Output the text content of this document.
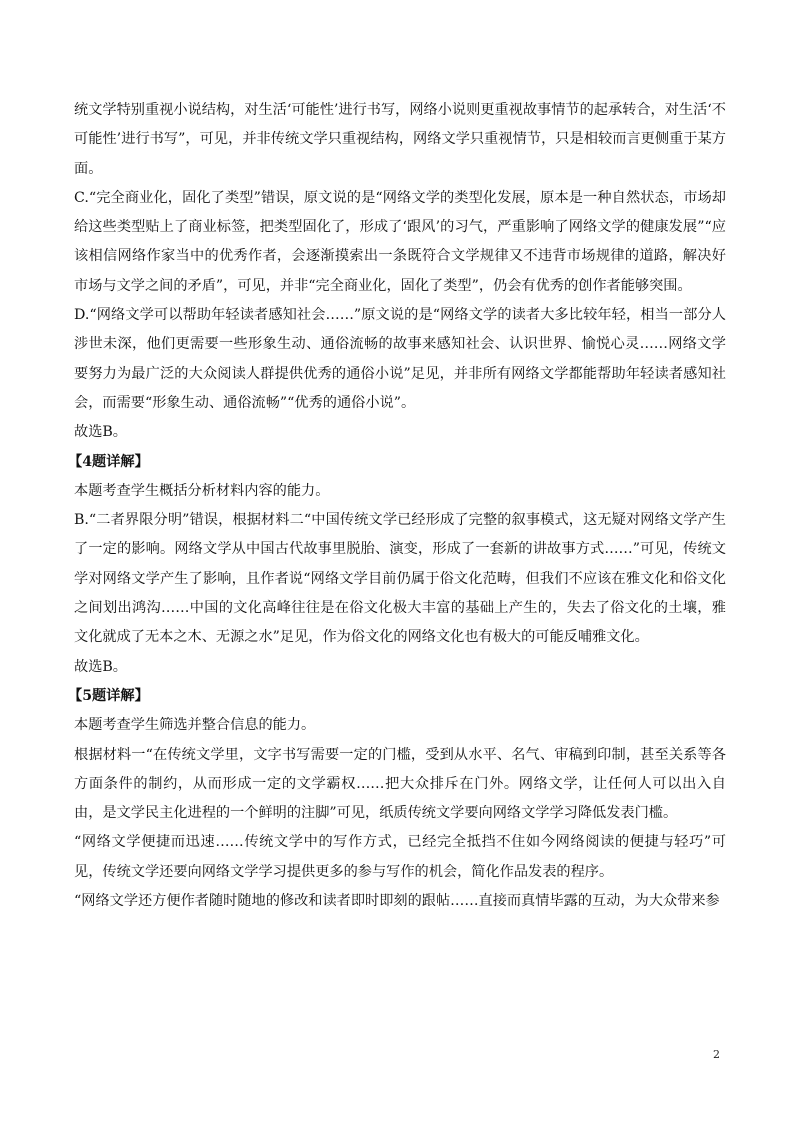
统文学特别重视小说结构，对生活‘可能性’进行书写，网络小说则更重视故事情节的起承转合，对生活‘不可能性’进行书写”，可见，并非传统文学只重视结构，网络文学只重视情节，只是相较而言更侧重于某方面。

C.“完全商业化，固化了类型”错误，原文说的是“网络文学的类型化发展，原本是一种自然状态，市场却给这些类型贴上了商业标签，把类型固化了，形成了‘跟风’的习气，严重影响了网络文学的健康发展”“应该相信网络作家当中的优秀作者，会逐渐摸索出一条既符合文学规律又不违背市场规律的道路，解决好市场与文学之间的矛盾”，可见，并非“完全商业化，固化了类型”，仍会有优秀的创作者能够突围。

D.“网络文学可以帮助年轻读者感知社会……”原文说的是“网络文学的读者大多比较年轻，相当一部分人涉世未深，他们更需要一些形象生动、通俗流畅的故事来感知社会、认识世界、愉悦心灵……网络文学要努力为最广泛的大众阅读人群提供优秀的通俗小说”足见，并非所有网络文学都能帮助年轻读者感知社会，而需要“形象生动、通俗流畅”“优秀的通俗小说”。

故选B。

【4题详解】

本题考查学生概括分析材料内容的能力。

B.“二者界限分明”错误，根据材料二“中国传统文学已经形成了完整的叙事模式，这无疑对网络文学产生了一定的影响。网络文学从中国古代故事里脱胎、演变，形成了一套新的讲故事方式……”可见，传统文学对网络文学产生了影响，且作者说“网络文学目前仍属于俗文化范畴，但我们不应该在雅文化和俗文化之间划出鸿沟……中国的文化高峰往往是在俗文化极大丰富的基础上产生的，失去了俗文化的土壤，雅文化就成了无本之木、无源之水”足见，作为俗文化的网络文化也有极大的可能反哺雅文化。

故选B。

【5题详解】

本题考查学生筛选并整合信息的能力。

根据材料一“在传统文学里，文字书写需要一定的门槛，受到从水平、名气、审稿到印制，甚至关系等各方面条件的制约，从而形成一定的文学霸权……把大众排斥在门外。网络文学，让任何人可以出入自由，是文学民主化进程的一个鲜明的注脚”可见，纸质传统文学要向网络文学学习降低发表门槛。

“网络文学便捷而迅速……传统文学中的写作方式，已经完全抵挡不住如今网络阅读的便捷与轻巧”可见，传统文学还要向网络文学学习提供更多的参与写作的机会，简化作品发表的程序。

“网络文学还方便作者随时随地的修改和读者即时即刻的跟帖……直接而真情毕露的互动，为大众带来参

2
